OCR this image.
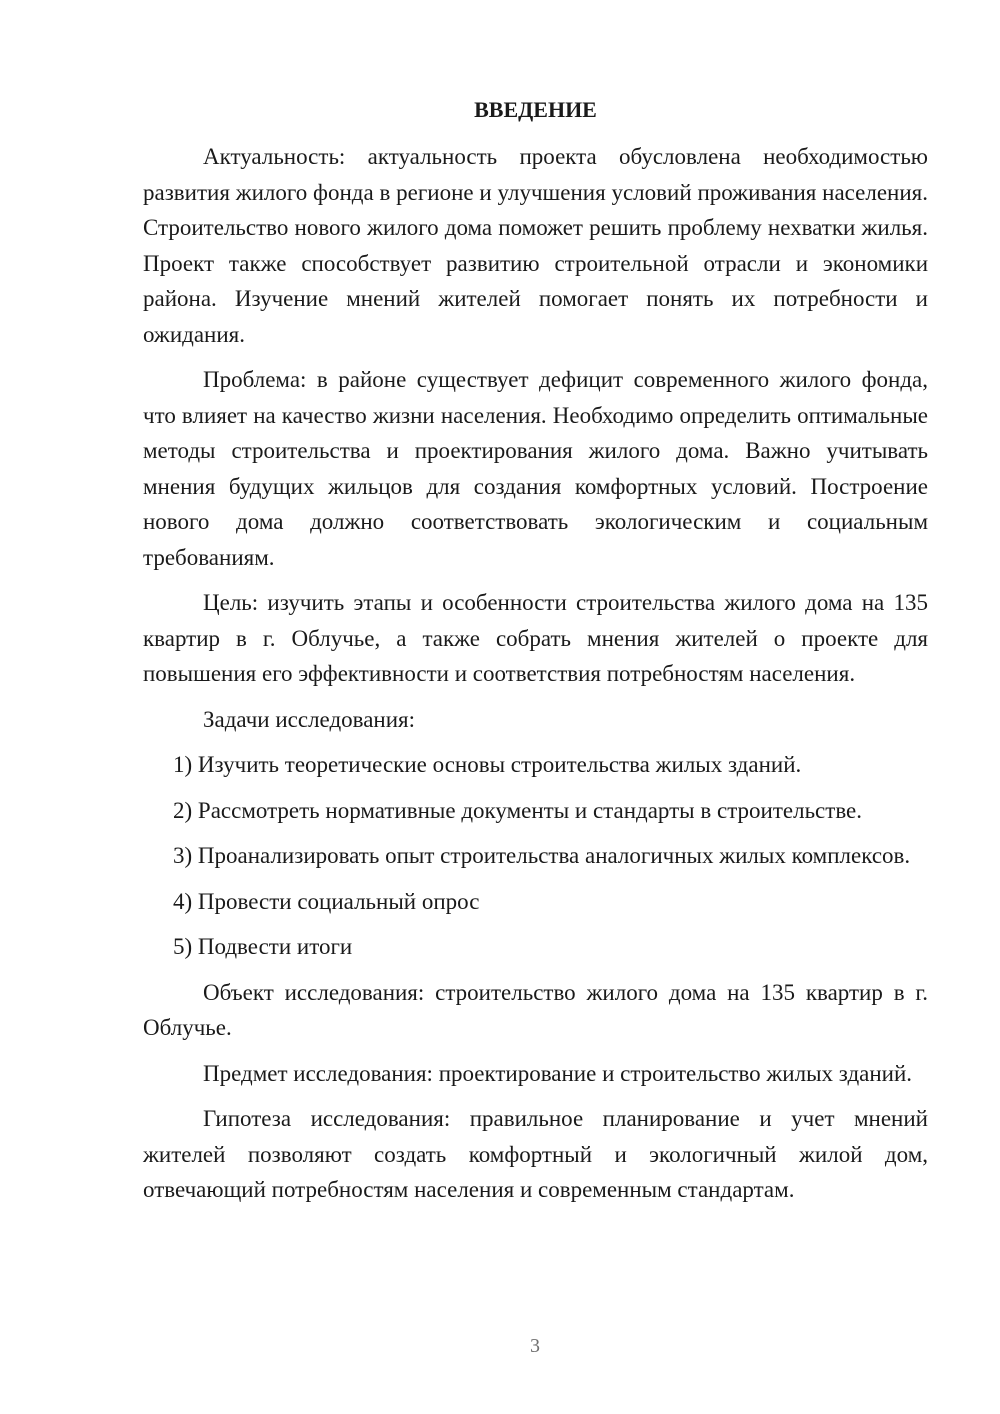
ВВЕДЕНИЕ

Актуальность: актуальность проекта обусловлена необходимостью развития жилого фонда в регионе и улучшения условий проживания населения. Строительство нового жилого дома поможет решить проблему нехватки жилья. Проект также способствует развитию строительной отрасли и экономики района. Изучение мнений жителей помогает понять их потребности и ожидания.

Проблема: в районе существует дефицит современного жилого фонда, что влияет на качество жизни населения. Необходимо определить оптимальные методы строительства и проектирования жилого дома. Важно учитывать мнения будущих жильцов для создания комфортных условий. Построение нового дома должно соответствовать экологическим и социальным требованиям.

Цель: изучить этапы и особенности строительства жилого дома на 135 квартир в г. Облучье, а также собрать мнения жителей о проекте для повышения его эффективности и соответствия потребностям населения.

Задачи исследования:

1) Изучить теоретические основы строительства жилых зданий.

2) Рассмотреть нормативные документы и стандарты в строительстве.

3) Проанализировать опыт строительства аналогичных жилых комплексов.

4) Провести социальный опрос

5) Подвести итоги

Объект исследования: строительство жилого дома на 135 квартир в г. Облучье.

Предмет исследования: проектирование и строительство жилых зданий.

Гипотеза исследования: правильное планирование и учет мнений жителей позволяют создать комфортный и экологичный жилой дом, отвечающий потребностям населения и современным стандартам.

3
